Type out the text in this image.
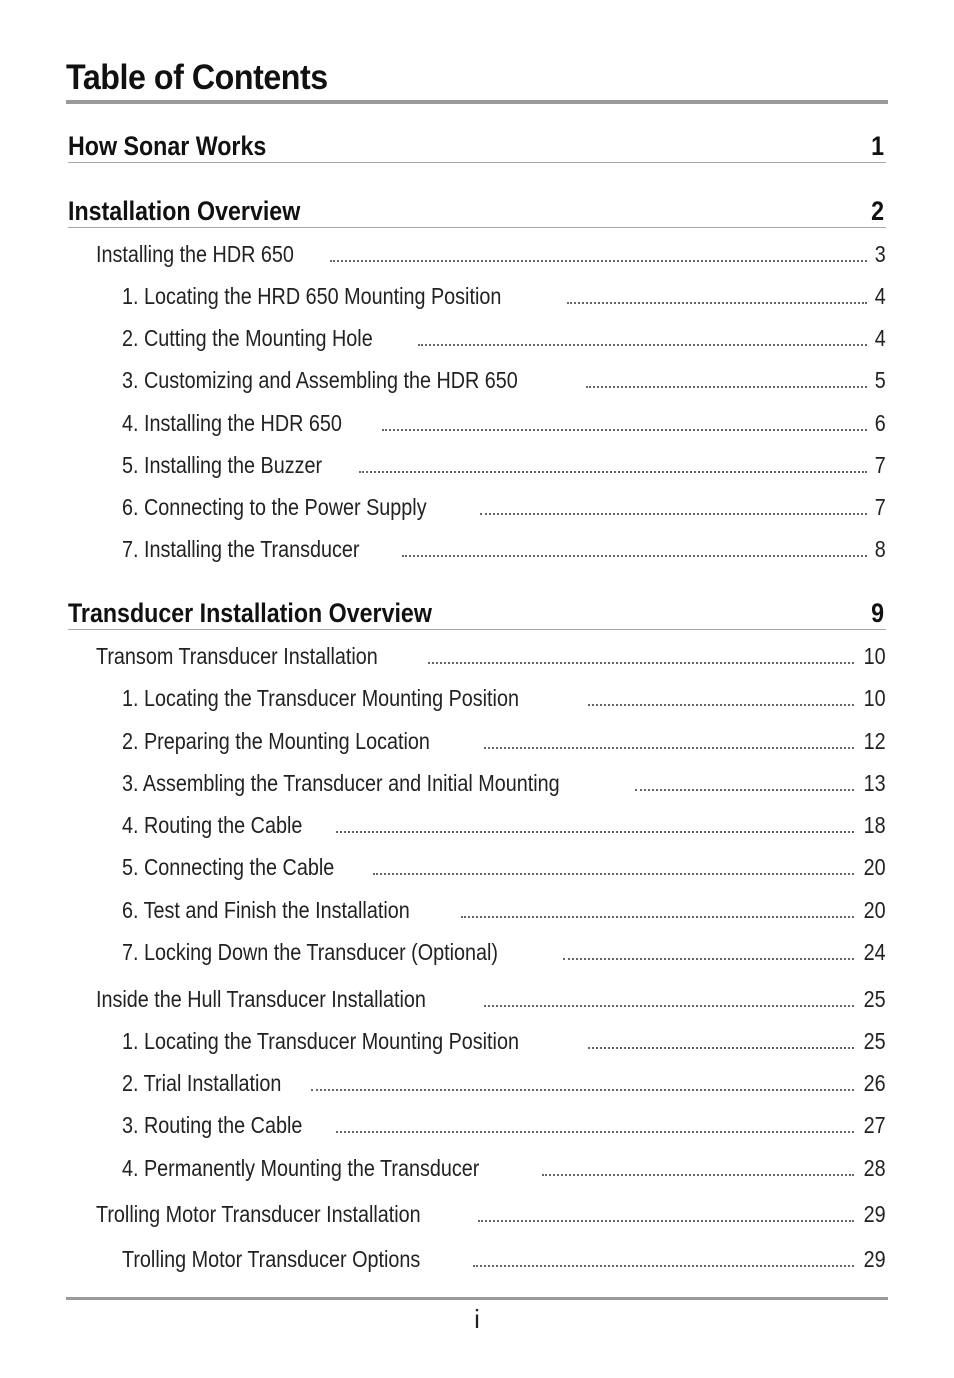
Table of Contents
How Sonar Works	1
Installation Overview	2
Installing the HDR 650	3
1. Locating the HRD 650 Mounting Position	4
2. Cutting the Mounting Hole	4
3. Customizing and Assembling the HDR 650	5
4. Installing the HDR 650	6
5. Installing the Buzzer	7
6. Connecting to the Power Supply	7
7. Installing the Transducer	8
Transducer Installation Overview	9
Transom Transducer Installation	10
1. Locating the Transducer Mounting Position	10
2. Preparing the Mounting Location	12
3. Assembling the Transducer and Initial Mounting	13
4. Routing the Cable	18
5. Connecting the Cable	20
6. Test and Finish the Installation	20
7. Locking Down the Transducer (Optional)	24
Inside the Hull Transducer Installation	25
1. Locating the Transducer Mounting Position	25
2. Trial Installation	26
3. Routing the Cable	27
4. Permanently Mounting the Transducer	28
Trolling Motor Transducer Installation	29
Trolling Motor Transducer Options	29
i
